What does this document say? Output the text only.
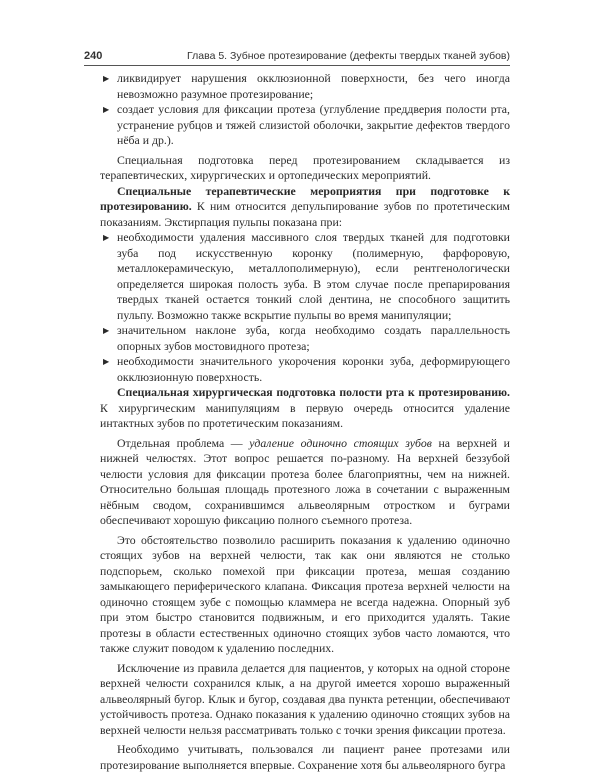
240	Глава 5. Зубное протезирование (дефекты твердых тканей зубов)
▶ ликвидирует нарушения окклюзионной поверхности, без чего иногда невозможно разумное протезирование;
▶ создает условия для фиксации протеза (углубление преддверия полости рта, устранение рубцов и тяжей слизистой оболочки, закрытие дефектов твердого нёба и др.).

Специальная подготовка перед протезированием складывается из терапевтических, хирургических и ортопедических мероприятий.

Специальные терапевтические мероприятия при подготовке к протезированию. К ним относится депульпирование зубов по протетическим показаниям. Экстирпация пульпы показана при:

▶ необходимости удаления массивного слоя твердых тканей для подготовки зуба под искусственную коронку (полимерную, фарфоровую, металлокерамическую, металлополимерную), если рентгенологически определяется широкая полость зуба. В этом случае после препарирования твердых тканей остается тонкий слой дентина, не способного защитить пульпу. Возможно также вскрытие пульпы во время манипуляции;
▶ значительном наклоне зуба, когда необходимо создать параллельность опорных зубов мостовидного протеза;
▶ необходимости значительного укорочения коронки зуба, деформирующего окклюзионную поверхность.

Специальная хирургическая подготовка полости рта к протезированию. К хирургическим манипуляциям в первую очередь относится удаление интактных зубов по протетическим показаниям.

Отдельная проблема — удаление одиночно стоящих зубов на верхней и нижней челюстях. Этот вопрос решается по-разному. На верхней беззубой челюсти условия для фиксации протеза более благоприятны, чем на нижней. Относительно большая площадь протезного ложа в сочетании с выраженным нёбным сводом, сохранившимся альвеолярным отростком и буграми обеспечивают хорошую фиксацию полного съемного протеза.

Это обстоятельство позволило расширить показания к удалению одиночно стоящих зубов на верхней челюсти, так как они являются не столько подспорьем, сколько помехой при фиксации протеза, мешая созданию замыкающего периферического клапана. Фиксация протеза верхней челюсти на одиночно стоящем зубе с помощью кламмера не всегда надежна. Опорный зуб при этом быстро становится подвижным, и его приходится удалять. Такие протезы в области естественных одиночно стоящих зубов часто ломаются, что также служит поводом к удалению последних.

Исключение из правила делается для пациентов, у которых на одной стороне верхней челюсти сохранился клык, а на другой имеется хорошо выраженный альвеолярный бугор. Клык и бугор, создавая два пункта ретенции, обеспечивают устойчивость протеза. Однако показания к удалению одиночно стоящих зубов на верхней челюсти нельзя рассматривать только с точки зрения фиксации протеза.

Необходимо учитывать, пользовался ли пациент ранее протезами или протезирование выполняется впервые. Сохранение хотя бы альвеолярного бугра
